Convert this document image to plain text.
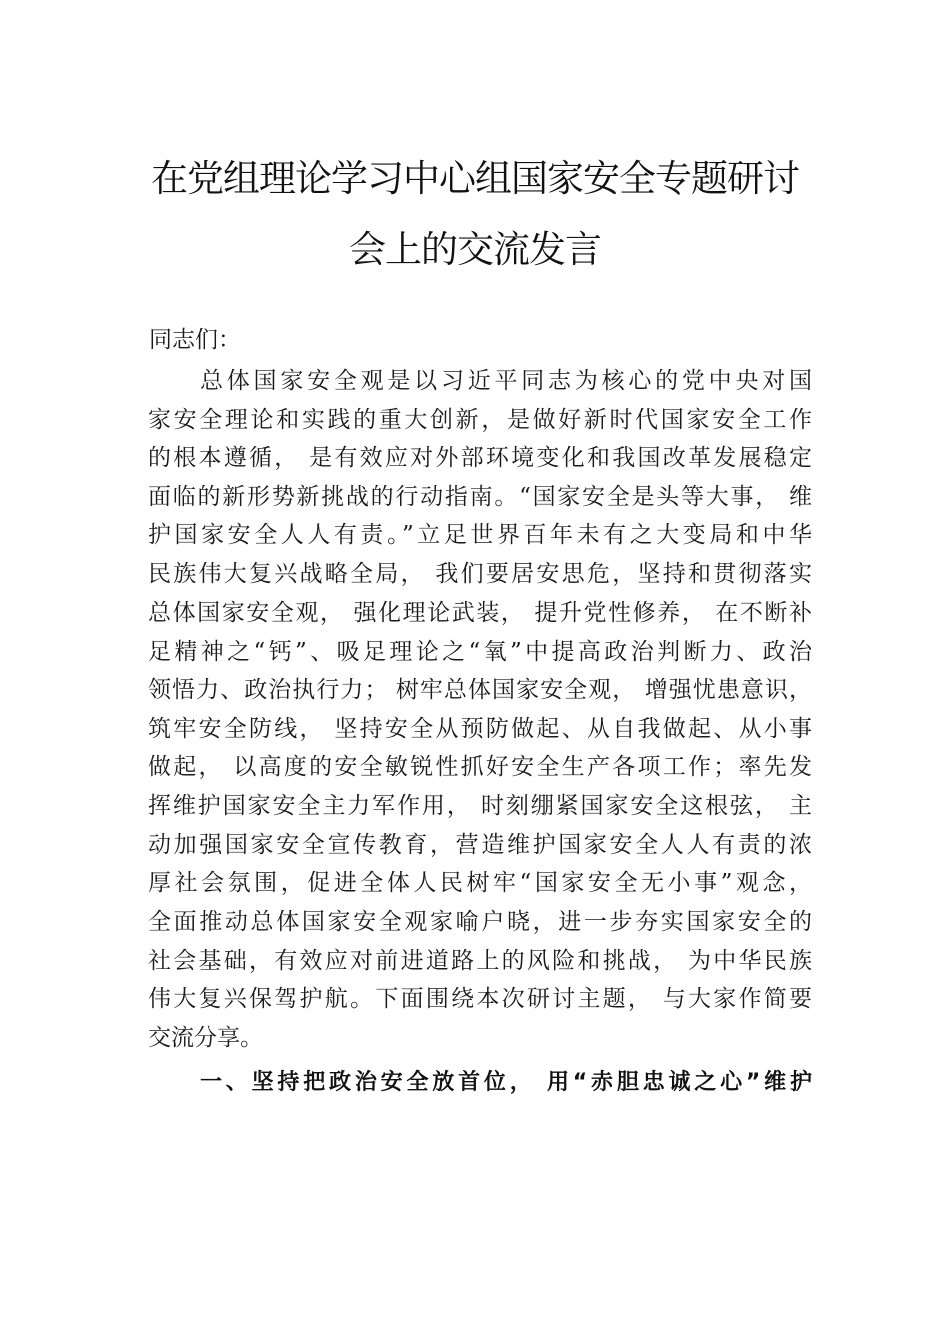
在党组理论学习中心组国家安全专题研讨
会上的交流发言
同志们：
总体国家安全观是以习近平同志为核心的党中央对国
家安全理论和实践的重大创新，是做好新时代国家安全工作
的根本遵循， 是有效应对外部环境变化和我国改革发展稳定
面临的新形势新挑战的行动指南。“国家安全是头等大事， 维
护国家安全人人有责。”立足世界百年未有之大变局和中华
民族伟大复兴战略全局， 我们要居安思危，坚持和贯彻落实
总体国家安全观， 强化理论武装， 提升党性修养， 在不断补
足精神之“钙”、吸足理论之“氧”中提高政治判断力、政治
领悟力、政治执行力； 树牢总体国家安全观， 增强忧患意识，
筑牢安全防线， 坚持安全从预防做起、从自我做起、从小事
做起， 以高度的安全敏锐性抓好安全生产各项工作；率先发
挥维护国家安全主力军作用， 时刻绷紧国家安全这根弦， 主
动加强国家安全宣传教育，营造维护国家安全人人有责的浓
厚社会氛围，促进全体人民树牢“国家安全无小事”观念，
全面推动总体国家安全观家喻户晓，进一步夯实国家安全的
社会基础，有效应对前进道路上的风险和挑战， 为中华民族
伟大复兴保驾护航。下面围绕本次研讨主题， 与大家作简要
交流分享。
一、坚持把政治安全放首位， 用“赤胆忠诚之心”维护
